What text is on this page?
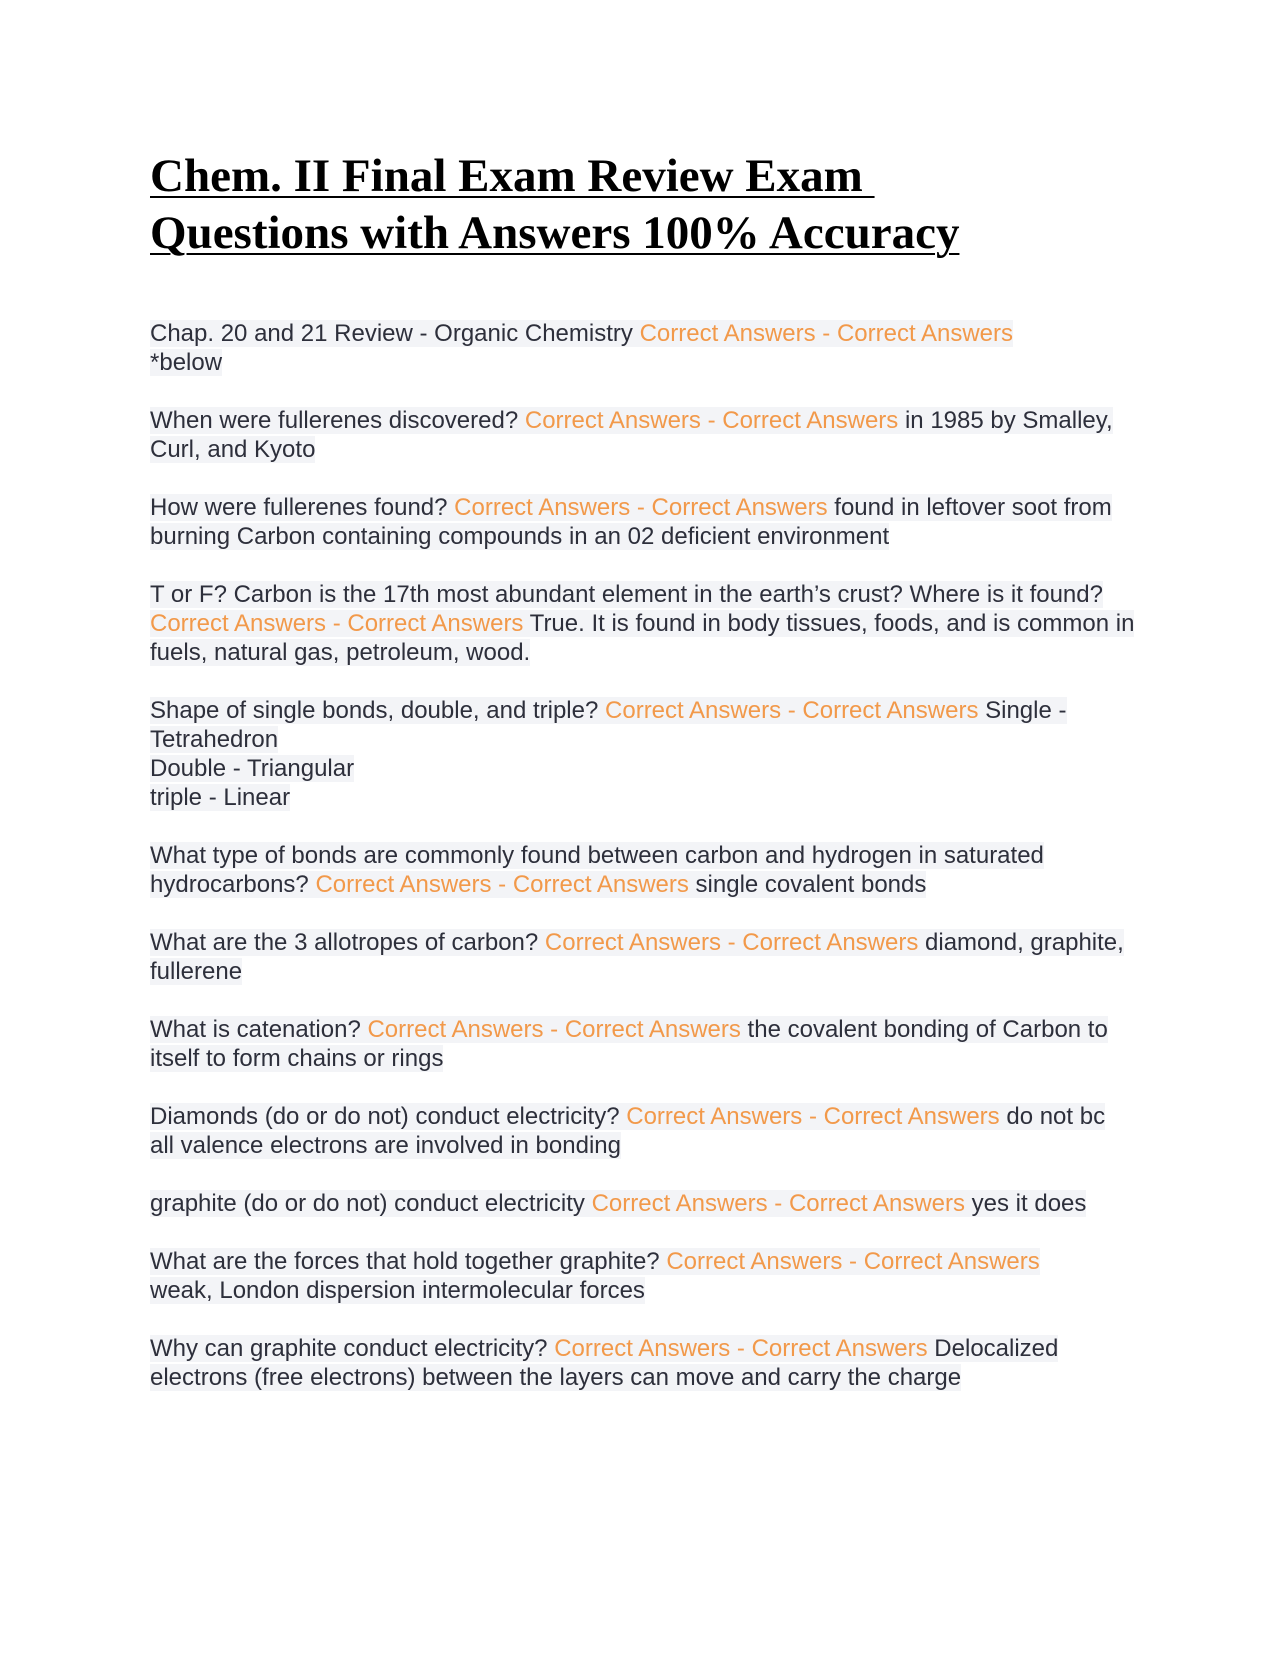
Chem. II Final Exam Review Exam
Questions with Answers 100% Accuracy

Chap. 20 and 21 Review - Organic Chemistry Correct Answers - Correct Answers
*below

When were fullerenes discovered? Correct Answers - Correct Answers in 1985 by Smalley, Curl, and Kyoto

How were fullerenes found? Correct Answers - Correct Answers found in leftover soot from burning Carbon containing compounds in an 02 deficient environment

T or F? Carbon is the 17th most abundant element in the earth’s crust? Where is it found? Correct Answers - Correct Answers True. It is found in body tissues, foods, and is common in fuels, natural gas, petroleum, wood.

Shape of single bonds, double, and triple? Correct Answers - Correct Answers Single - Tetrahedron
Double - Triangular
triple - Linear

What type of bonds are commonly found between carbon and hydrogen in saturated hydrocarbons? Correct Answers - Correct Answers single covalent bonds

What are the 3 allotropes of carbon? Correct Answers - Correct Answers diamond, graphite, fullerene

What is catenation? Correct Answers - Correct Answers the covalent bonding of Carbon to itself to form chains or rings

Diamonds (do or do not) conduct electricity? Correct Answers - Correct Answers do not bc all valence electrons are involved in bonding

graphite (do or do not) conduct electricity Correct Answers - Correct Answers yes it does

What are the forces that hold together graphite? Correct Answers - Correct Answers
weak, London dispersion intermolecular forces

Why can graphite conduct electricity? Correct Answers - Correct Answers Delocalized electrons (free electrons) between the layers can move and carry the charge
